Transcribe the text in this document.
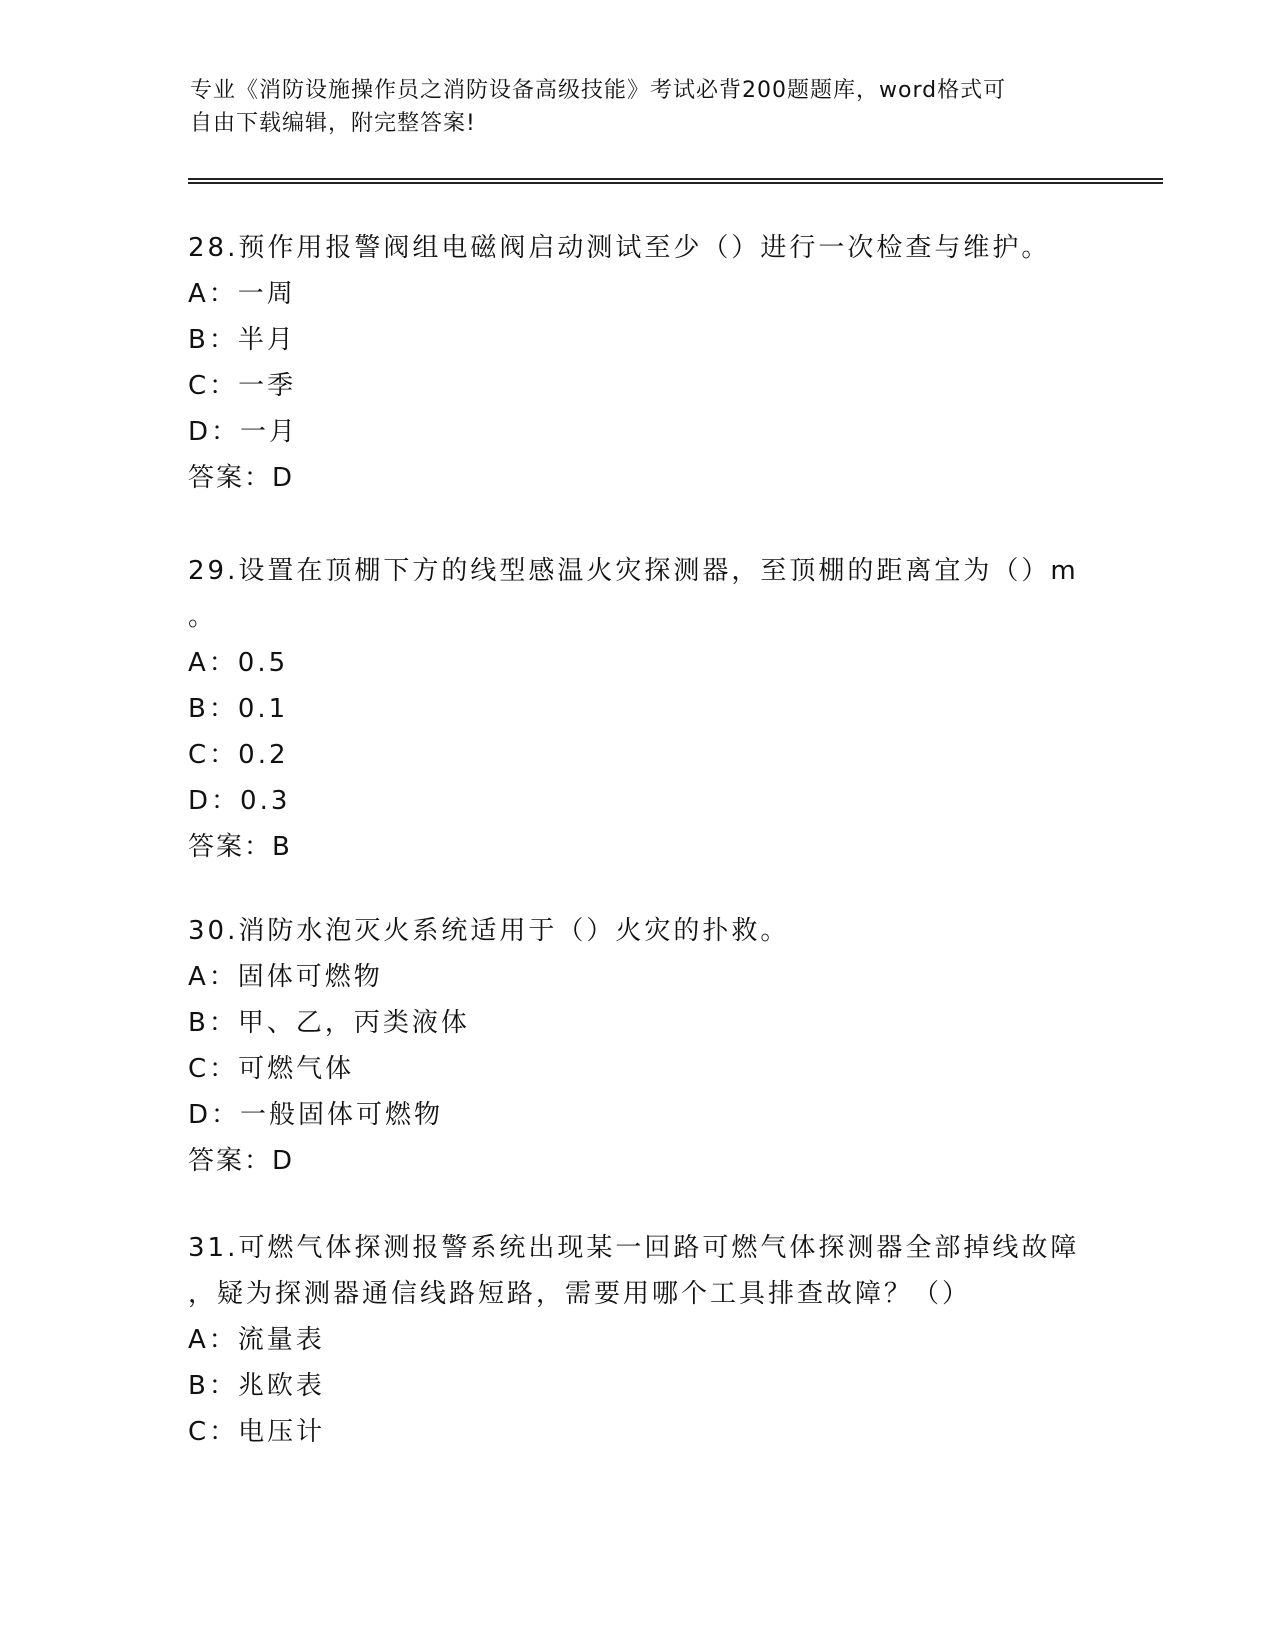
专业《消防设施操作员之消防设备高级技能》考试必背200题题库，word格式可
自由下载编辑，附完整答案!

28.预作用报警阀组电磁阀启动测试至少（）进行一次检查与维护。

A：一周

B：半月

C：一季

D：一月

答案：D

29.设置在顶棚下方的线型感温火灾探测器，至顶棚的距离宜为（）m

。

A：0.5

B：0.1

C：0.2

D：0.3

答案：B

30.消防水泡灭火系统适用于（）火灾的扑救。

A：固体可燃物

B：甲、乙，丙类液体

C：可燃气体

D：一般固体可燃物

答案：D

31.可燃气体探测报警系统出现某一回路可燃气体探测器全部掉线故障

，疑为探测器通信线路短路，需要用哪个工具排查故障？（）

A：流量表

B：兆欧表

C：电压计
